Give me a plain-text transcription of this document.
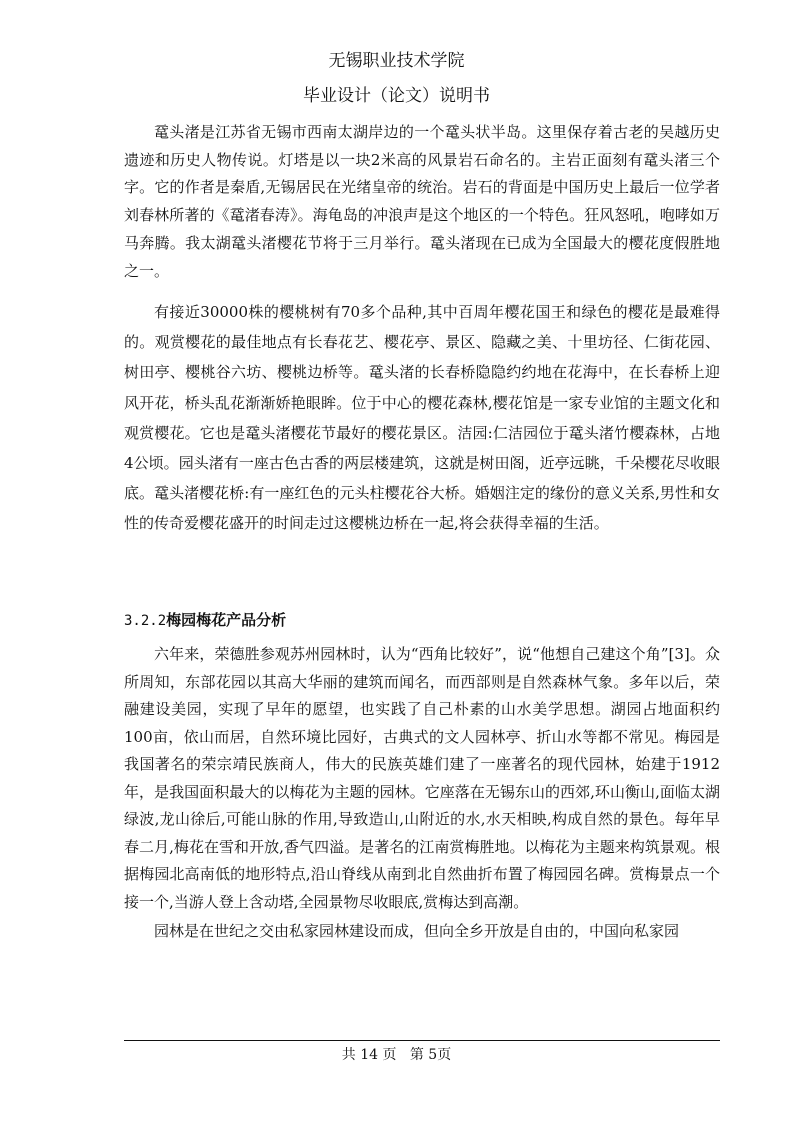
无锡职业技术学院
毕业设计（论文）说明书

鼋头渚是江苏省无锡市西南太湖岸边的一个鼋头状半岛。这里保存着古老的吴越历史遗迹和历史人物传说。灯塔是以一块2米高的风景岩石命名的。主岩正面刻有鼋头渚三个字。它的作者是秦盾,无锡居民在光绪皇帝的统治。岩石的背面是中国历史上最后一位学者刘春林所著的《鼋渚春涛》。海龟岛的冲浪声是这个地区的一个特色。狂风怒吼，咆哮如万马奔腾。我太湖鼋头渚樱花节将于三月举行。鼋头渚现在已成为全国最大的樱花度假胜地之一。

有接近30000株的樱桃树有70多个品种,其中百周年樱花国王和绿色的樱花是最难得的。观赏樱花的最佳地点有长春花艺、樱花亭、景区、隐藏之美、十里坊径、仁街花园、树田亭、樱桃谷六坊、樱桃边桥等。鼋头渚的长春桥隐隐约约地在花海中，在长春桥上迎风开花，桥头乱花渐渐娇艳眼眸。位于中心的樱花森林,樱花馆是一家专业馆的主题文化和观赏樱花。它也是鼋头渚樱花节最好的樱花景区。洁园:仁洁园位于鼋头渚竹樱森林，占地4公顷。园头渚有一座古色古香的两层楼建筑，这就是树田阁，近亭远眺，千朵樱花尽收眼底。鼋头渚樱花桥:有一座红色的元头柱樱花谷大桥。婚姻注定的缘份的意义关系,男性和女性的传奇爱樱花盛开的时间走过这樱桃边桥在一起,将会获得幸福的生活。

3.2.2梅园梅花产品分析

六年来，荣德胜参观苏州园林时，认为“西角比较好”，说“他想自己建这个角”[3]。众所周知，东部花园以其高大华丽的建筑而闻名，而西部则是自然森林气象。多年以后，荣融建设美园，实现了早年的愿望，也实践了自己朴素的山水美学思想。湖园占地面积约100亩，依山而居，自然环境比园好，古典式的文人园林亭、折山水等都不常见。梅园是我国著名的荣宗靖民族商人，伟大的民族英雄们建了一座著名的现代园林，始建于1912年，是我国面积最大的以梅花为主题的园林。它座落在无锡东山的西郊,环山衡山,面临太湖绿波,龙山徐后,可能山脉的作用,导致造山,山附近的水,水天相映,构成自然的景色。每年早春二月,梅花在雪和开放,香气四溢。是著名的江南赏梅胜地。以梅花为主题来构筑景观。根据梅园北高南低的地形特点,沿山脊线从南到北自然曲折布置了梅园园名碑。赏梅景点一个接一个,当游人登上含动塔,全园景物尽收眼底,赏梅达到高潮。

园林是在世纪之交由私家园林建设而成，但向全乡开放是自由的，中国向私家园

共 14 页   第 5页
